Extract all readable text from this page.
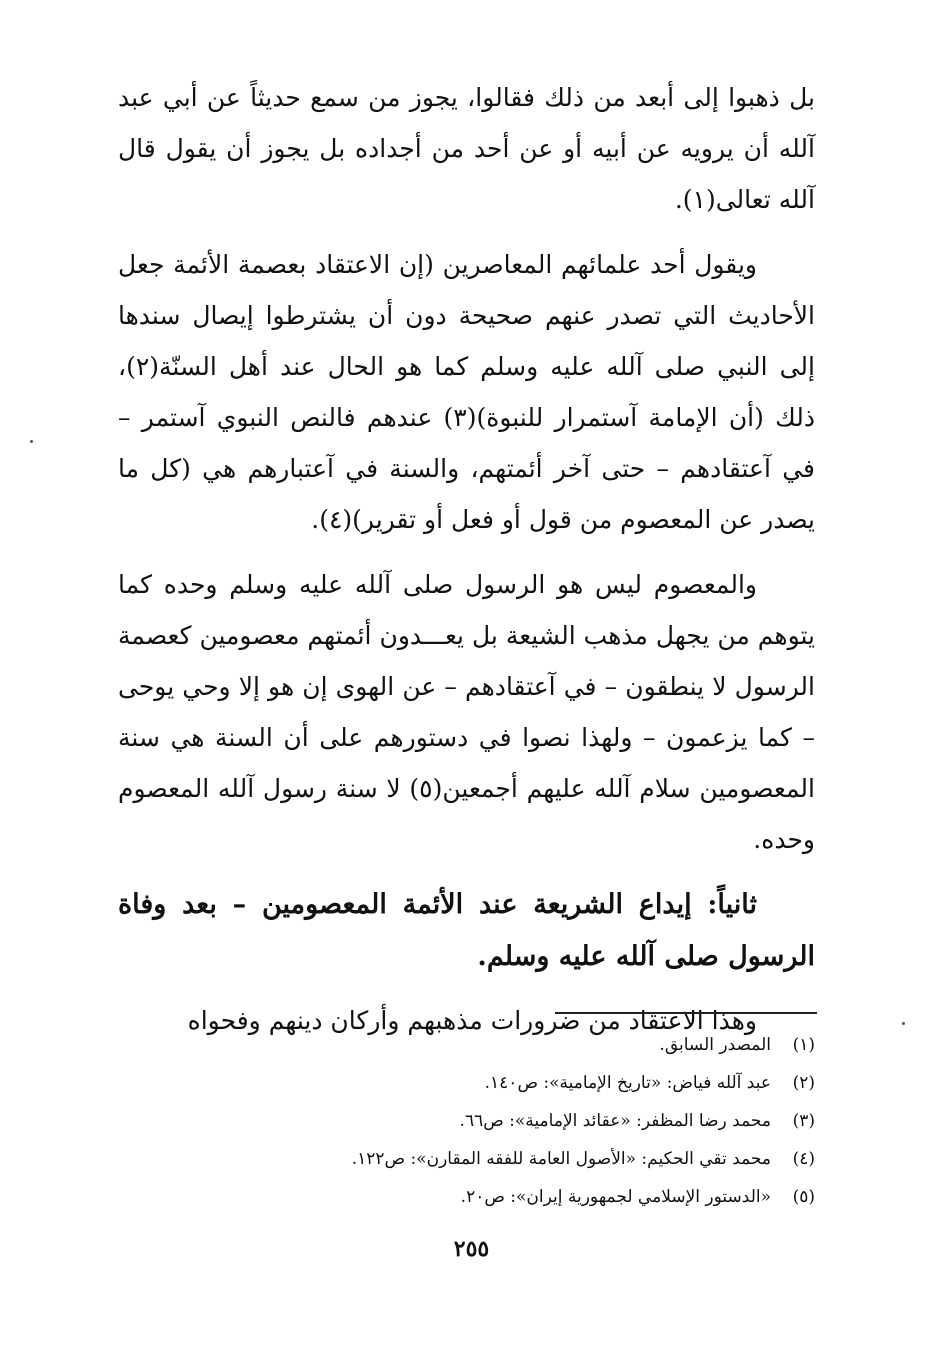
بل ذهبوا إلى أبعد من ذلك فقالوا، يجوز من سمع حديثاً عن أبي عبد آلله أن يرويه عن أبيه أو عن أحد من أجداده بل يجوز أن يقول قال آلله تعالى(١).

ويقول أحد علمائهم المعاصرين (إن الاعتقاد بعصمة الأئمة جعل الأحاديث التي تصدر عنهم صحيحة دون أن يشترطوا إيصال سندها إلى النبي صلى آلله عليه وسلم كما هو الحال عند أهل السنّة(٢)، ذلك (أن الإمامة آستمرار للنبوة)(٣) عندهم فالنص النبوي آستمر – في آعتقادهم – حتى آخر أئمتهم، والسنة في آعتبارهم هي (كل ما يصدر عن المعصوم من قول أو فعل أو تقرير)(٤).

والمعصوم ليس هو الرسول صلى آلله عليه وسلم وحده كما يتوهم من يجهل مذهب الشيعة بل يعـــدون أئمتهم معصومين كعصمة الرسول لا ينطقون – في آعتقادهم – عن الهوى إن هو إلا وحي يوحى – كما يزعمون – ولهذا نصوا في دستورهم على أن السنة هي سنة المعصومين سلام آلله عليهم أجمعين(٥) لا سنة رسول آلله المعصوم وحده.

ثانياً: إيداع الشريعة عند الأئمة المعصومين – بعد وفاة الرسول صلى آلله عليه وسلم.

وهذا الاعتقاد من ضرورات مذهبهم وأركان دينهم وفحواه

(١)
المصدر السابق.
(٢)
عبد آلله فياض: «تاريخ الإمامية»: ص١٤٠.
(٣)
محمد رضا المظفر: «عقائد الإمامية»: ص٦٦.
(٤)
محمد تقي الحكيم: «الأصول العامة للفقه المقارن»: ص١٢٢.
(٥)
«الدستور الإسلامي لجمهورية إيران»: ص٢٠.
٢٥٥
